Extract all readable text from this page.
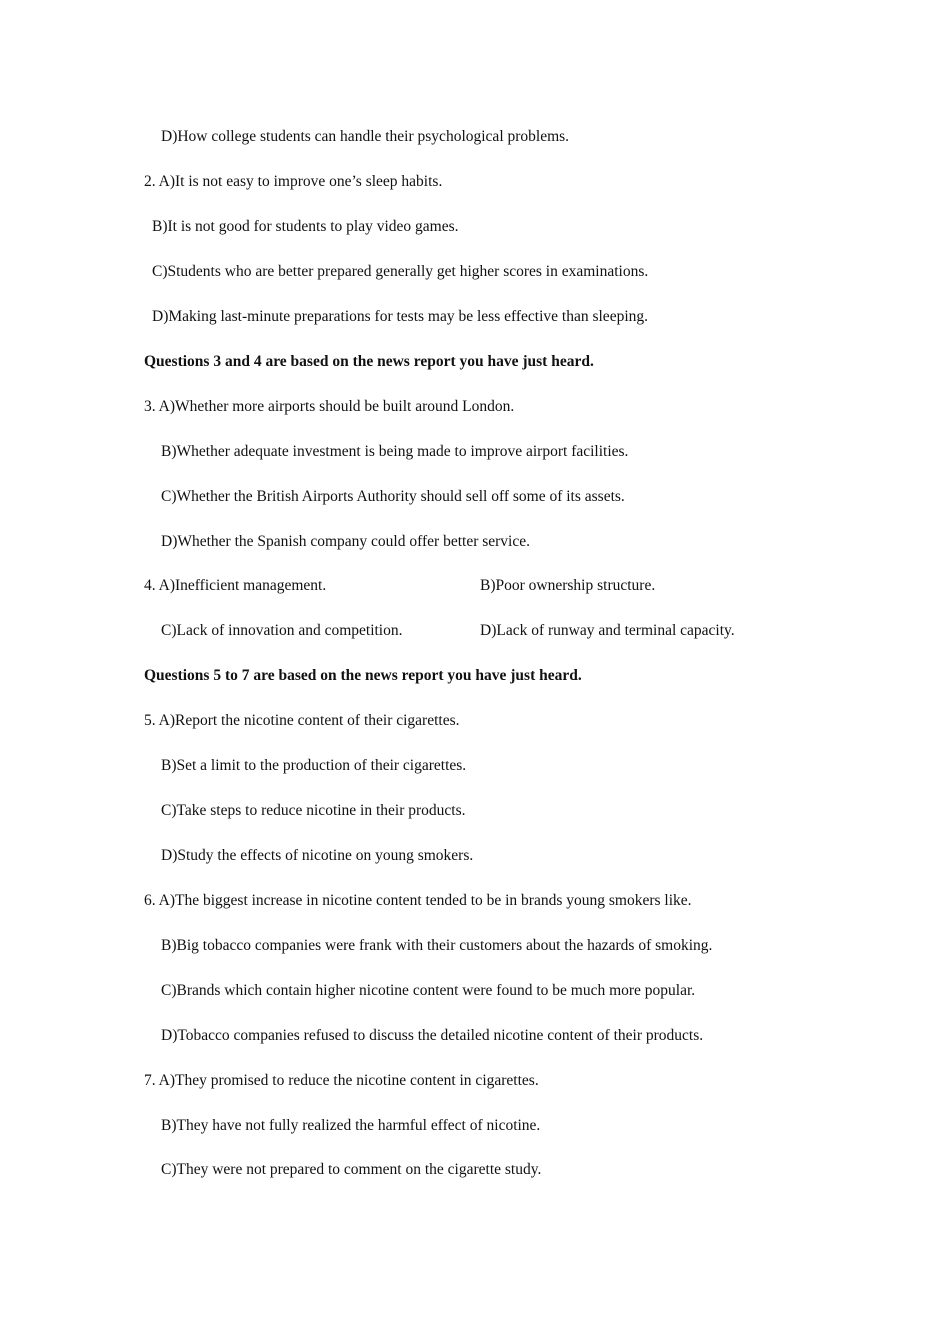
D)How college students can handle their psychological problems.
2. A)It is not easy to improve one’s sleep habits.
B)It is not good for students to play video games.
C)Students who are better prepared generally get higher scores in examinations.
D)Making last-minute preparations for tests may be less effective than sleeping.
Questions 3 and 4 are based on the news report you have just heard.
3. A)Whether more airports should be built around London.
B)Whether adequate investment is being made to improve airport facilities.
C)Whether the British Airports Authority should sell off some of its assets.
D)Whether the Spanish company could offer better service.
4. A)Inefficient management.	B)Poor ownership structure.
C)Lack of innovation and competition.	D)Lack of runway and terminal capacity.
Questions 5 to 7 are based on the news report you have just heard.
5. A)Report the nicotine content of their cigarettes.
B)Set a limit to the production of their cigarettes.
C)Take steps to reduce nicotine in their products.
D)Study the effects of nicotine on young smokers.
6. A)The biggest increase in nicotine content tended to be in brands young smokers like.
B)Big tobacco companies were frank with their customers about the hazards of smoking.
C)Brands which contain higher nicotine content were found to be much more popular.
D)Tobacco companies refused to discuss the detailed nicotine content of their products.
7. A)They promised to reduce the nicotine content in cigarettes.
B)They have not fully realized the harmful effect of nicotine.
C)They were not prepared to comment on the cigarette study.
